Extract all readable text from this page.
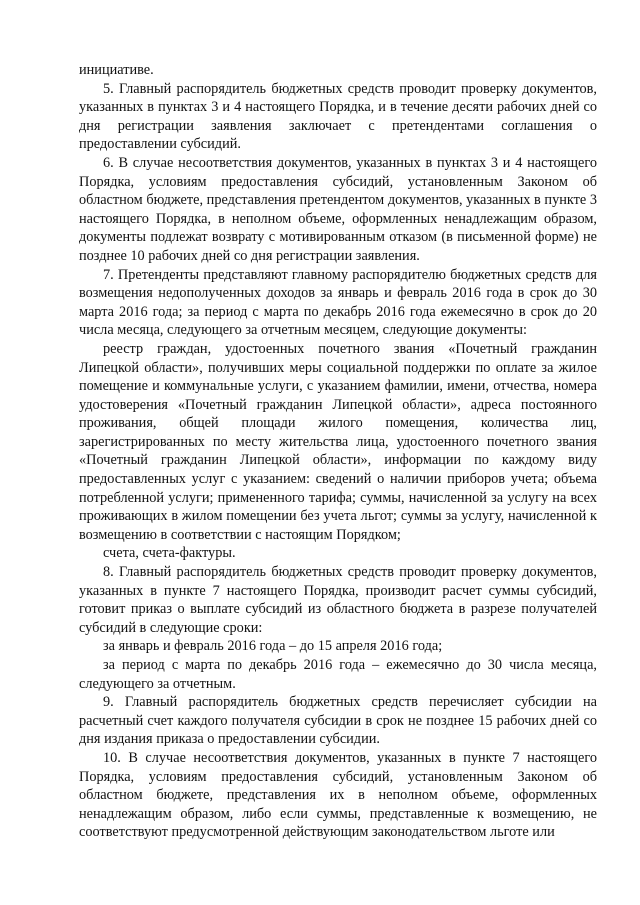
инициативе.

5. Главный распорядитель бюджетных средств проводит проверку документов, указанных в пунктах 3 и 4 настоящего Порядка, и в течение десяти рабочих дней со дня регистрации заявления заключает с претендентами соглашения о предоставлении субсидий.

6. В случае несоответствия документов, указанных в пунктах 3 и 4 настоящего Порядка, условиям предоставления субсидий, установленным Законом об областном бюджете, представления претендентом документов, указанных в пункте 3 настоящего Порядка, в неполном объеме, оформленных ненадлежащим образом, документы подлежат возврату с мотивированным отказом (в письменной форме) не позднее 10 рабочих дней со дня регистрации заявления.

7. Претенденты представляют главному распорядителю бюджетных средств для возмещения недополученных доходов за январь и февраль 2016 года в срок до 30 марта 2016 года; за период с марта по декабрь 2016 года ежемесячно в срок до 20 числа месяца, следующего за отчетным месяцем, следующие документы:

реестр граждан, удостоенных почетного звания «Почетный гражданин Липецкой области», получивших меры социальной поддержки по оплате за жилое помещение и коммунальные услуги, с указанием фамилии, имени, отчества, номера удостоверения «Почетный гражданин Липецкой области», адреса постоянного проживания, общей площади жилого помещения, количества лиц, зарегистрированных по месту жительства лица, удостоенного почетного звания «Почетный гражданин Липецкой области», информации по каждому виду предоставленных услуг с указанием: сведений о наличии приборов учета; объема потребленной услуги; примененного тарифа; суммы, начисленной за услугу на всех проживающих в жилом помещении без учета льгот; суммы за услугу, начисленной к возмещению в соответствии с настоящим Порядком;

счета, счета-фактуры.

8. Главный распорядитель бюджетных средств проводит проверку документов, указанных в пункте 7 настоящего Порядка, производит расчет суммы субсидий, готовит приказ о выплате субсидий из областного бюджета в разрезе получателей субсидий в следующие сроки:

за январь и февраль 2016 года – до 15 апреля 2016 года;

за период с марта по декабрь 2016 года – ежемесячно до 30 числа месяца, следующего за отчетным.

9. Главный распорядитель бюджетных средств перечисляет субсидии на расчетный счет каждого получателя субсидии в срок не позднее 15 рабочих дней со дня издания приказа о предоставлении субсидии.

10. В случае несоответствия документов, указанных в пункте 7 настоящего Порядка, условиям предоставления субсидий, установленным Законом об областном бюджете, представления их в неполном объеме, оформленных ненадлежащим образом, либо если суммы, представленные к возмещению, не соответствуют предусмотренной действующим законодательством льготе или
